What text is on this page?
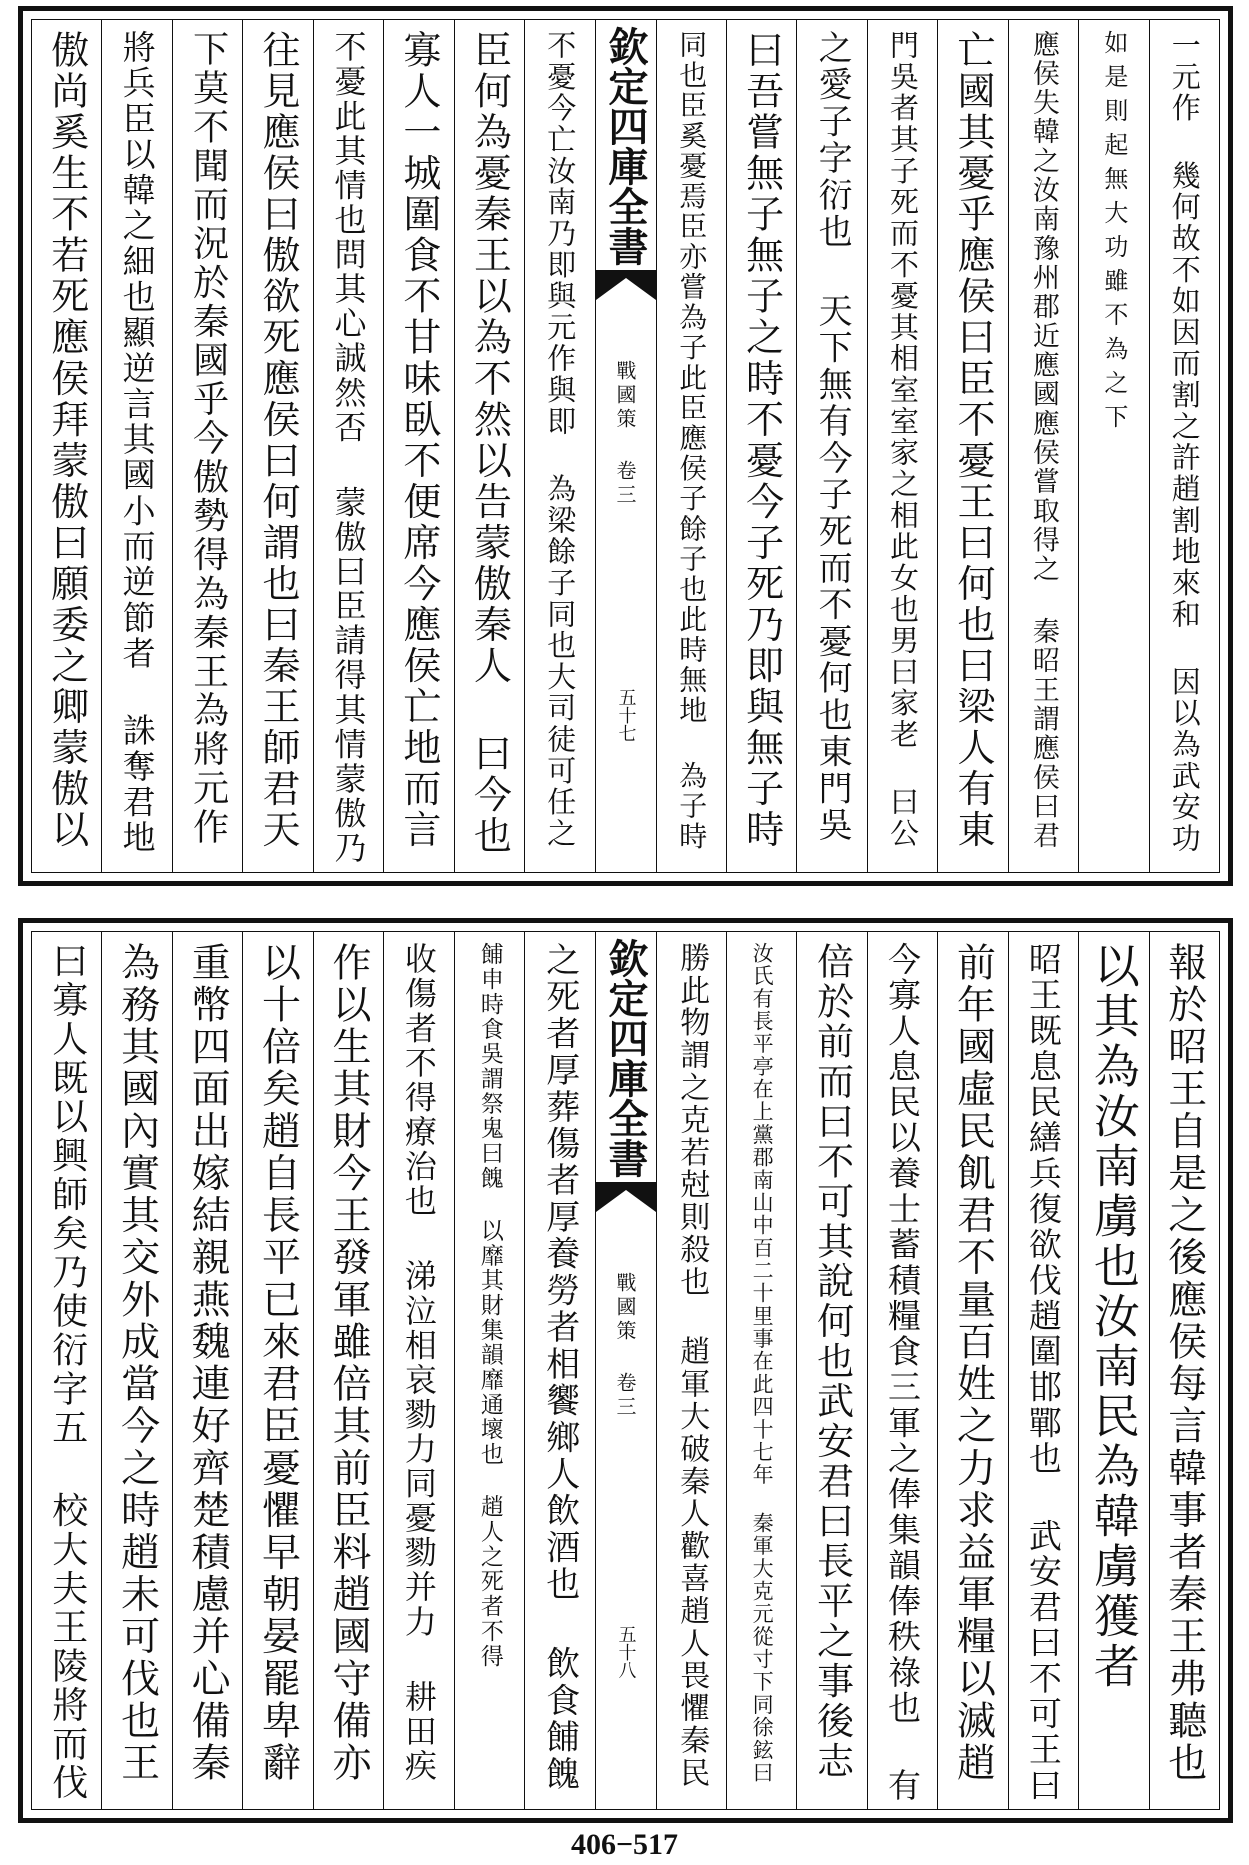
一元作 幾何故不如因而割之許趙割地來和 因以為武安功
如是則起無大功雖不為之下
應侯失韓之汝南豫州郡近應國應侯嘗取得之 秦昭王謂應侯曰君
亡國其憂乎應侯曰臣不憂王曰何也曰梁人有東
門吳者其子死而不憂其相室室家之相此女也男曰家老 曰公
之愛子字衍也 天下無有今子死而不憂何也東門吳
曰吾嘗無子無子之時不憂今子死乃即與無子時
同也臣奚憂焉臣亦嘗為子此臣應侯子餘子也此時無地 為子時
欽定四庫全書
戰國策 卷三
五十七
不憂今亡汝南乃即與元作與即 為梁餘子同也大司徒可任之
臣何為憂秦王以為不然以告蒙傲秦人 曰今也
寡人一城圍食不甘味臥不便席今應侯亡地而言
不憂此其情也問其心誠然否 蒙傲曰臣請得其情蒙傲乃
往見應侯曰傲欲死應侯曰何謂也曰秦王師君天
下莫不聞而況於秦國乎今傲勢得為秦王為將元作
將兵臣以韓之細也顯逆言其國小而逆節者 誅奪君地
傲尚奚生不若死應侯拜蒙傲曰願委之卿蒙傲以
報於昭王自是之後應侯每言韓事者秦王弗聽也
以其為汝南虜也汝南民為韓虜獲者
昭王既息民繕兵復欲伐趙圍邯鄲也 武安君曰不可王曰
前年國虛民飢君不量百姓之力求益軍糧以滅趙
今寡人息民以養士蓄積糧食三軍之俸集韻俸秩祿也 有
倍於前而曰不可其說何也武安君曰長平之事後志
汝氏有長平亭在上黨郡南山中百二十里事在此四十七年 秦軍大克元從寸下同徐鉉曰
勝此物謂之克若尅則殺也 趙軍大破秦人歡喜趙人畏懼秦民
欽定四庫全書
戰國策 卷三
五十八
之死者厚葬傷者厚養勞者相饗鄉人飲酒也 飲食餔餽
餔申時食吳謂祭鬼曰餽 以靡其財集韻靡通壞也 趙人之死者不得
收傷者不得療治也 涕泣相哀勠力同憂勠并力 耕田疾
作以生其財今王發軍雖倍其前臣料趙國守備亦
以十倍矣趙自長平已來君臣憂懼早朝晏罷卑辭
重幣四面出嫁結親燕魏連好齊楚積慮并心備秦
為務其國內實其交外成當今之時趙未可伐也王
曰寡人既以興師矣乃使衍字五 校大夫王陵將而伐
406−517
